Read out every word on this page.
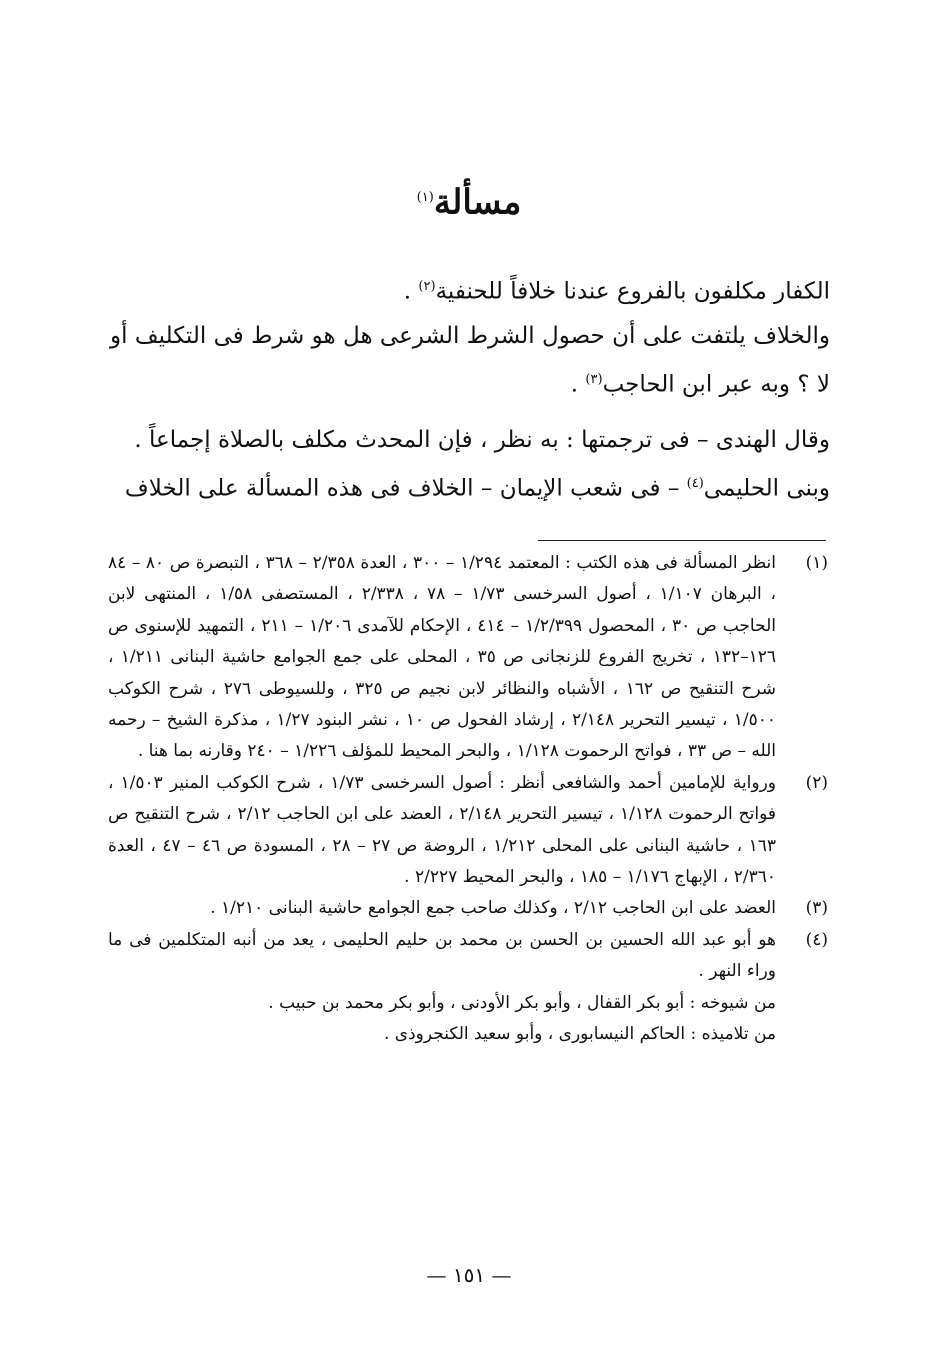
مسألة$^{(١)}$

الكفار مكلفون بالفروع عندنا خلافاً للحنفية$^{(٢)}$ .

والخلاف يلتفت على أن حصول الشرط الشرعى هل هو شرط فى التكليف أو لا ؟ وبه عبر ابن الحاجب$^{(٣)}$ .

وقال الهندى – فى ترجمتها : به نظر ، فإن المحدث مكلف بالصلاة إجماعاً .

وبنى الحليمى$^{(٤)}$ – فى شعب الإيمان – الخلاف فى هذه المسألة على الخلاف

(١)

انظر المسألة فى هذه الكتب : المعتمد ١/٢٩٤ – ٣٠٠ ، العدة ٢/٣٥٨ – ٣٦٨ ، التبصرة ص ٨٠ – ٨٤ ، البرهان ١/١٠٧ ، أصول السرخسى ١/٧٣ – ٧٨ ، ٢/٣٣٨ ، المستصفى ١/٥٨ ، المنتهى لابن الحاجب ص ٣٠ ، المحصول ١/٢/٣٩٩ – ٤١٤ ، الإحكام للآمدى ١/٢٠٦ – ٢١١ ، التمهيد للإسنوى ص ١٢٦–١٣٢ ، تخريج الفروع للزنجانى ص ٣٥ ، المحلى على جمع الجوامع حاشية البنانى ١/٢١١ ، شرح التنقيح ص ١٦٢ ، الأشباه والنظائر لابن نجيم ص ٣٢٥ ، وللسيوطى ٢٧٦ ، شرح الكوكب ١/٥٠٠ ، تيسير التحرير ٢/١٤٨ ، إرشاد الفحول ص ١٠ ، نشر البنود ١/٢٧ ، مذكرة الشيخ – رحمه الله – ص ٣٣ ، فواتح الرحموت ١/١٢٨ ، والبحر المحيط للمؤلف ١/٢٢٦ – ٢٤٠ وقارنه بما هنا .

(٢)

ورواية للإمامين أحمد والشافعى أنظر : أصول السرخسى ١/٧٣ ، شرح الكوكب المنير ١/٥٠٣ ، فواتح الرحموت ١/١٢٨ ، تيسير التحرير ٢/١٤٨ ، العضد على ابن الحاجب ٢/١٢ ، شرح التنقيح ص ١٦٣ ، حاشية البنانى على المحلى ١/٢١٢ ، الروضة ص ٢٧ – ٢٨ ، المسودة ص ٤٦ – ٤٧ ، العدة ٢/٣٦٠ ، الإبهاج ١/١٧٦ – ١٨٥ ، والبحر المحيط ٢/٢٢٧ .

(٣)

العضد على ابن الحاجب ٢/١٢ ، وكذلك صاحب جمع الجوامع حاشية البنانى ١/٢١٠ .

(٤)

هو أبو عبد الله الحسين بن الحسن بن محمد بن حليم الحليمى ، يعد من أنبه المتكلمين فى ما وراء النهر .

من شيوخه : أبو بكر القفال ، وأبو بكر الأودنى ، وأبو بكر محمد بن حبيب .

من تلاميذه : الحاكم النيسابورى ، وأبو سعيد الكنجروذى .

— ١٥١ —
